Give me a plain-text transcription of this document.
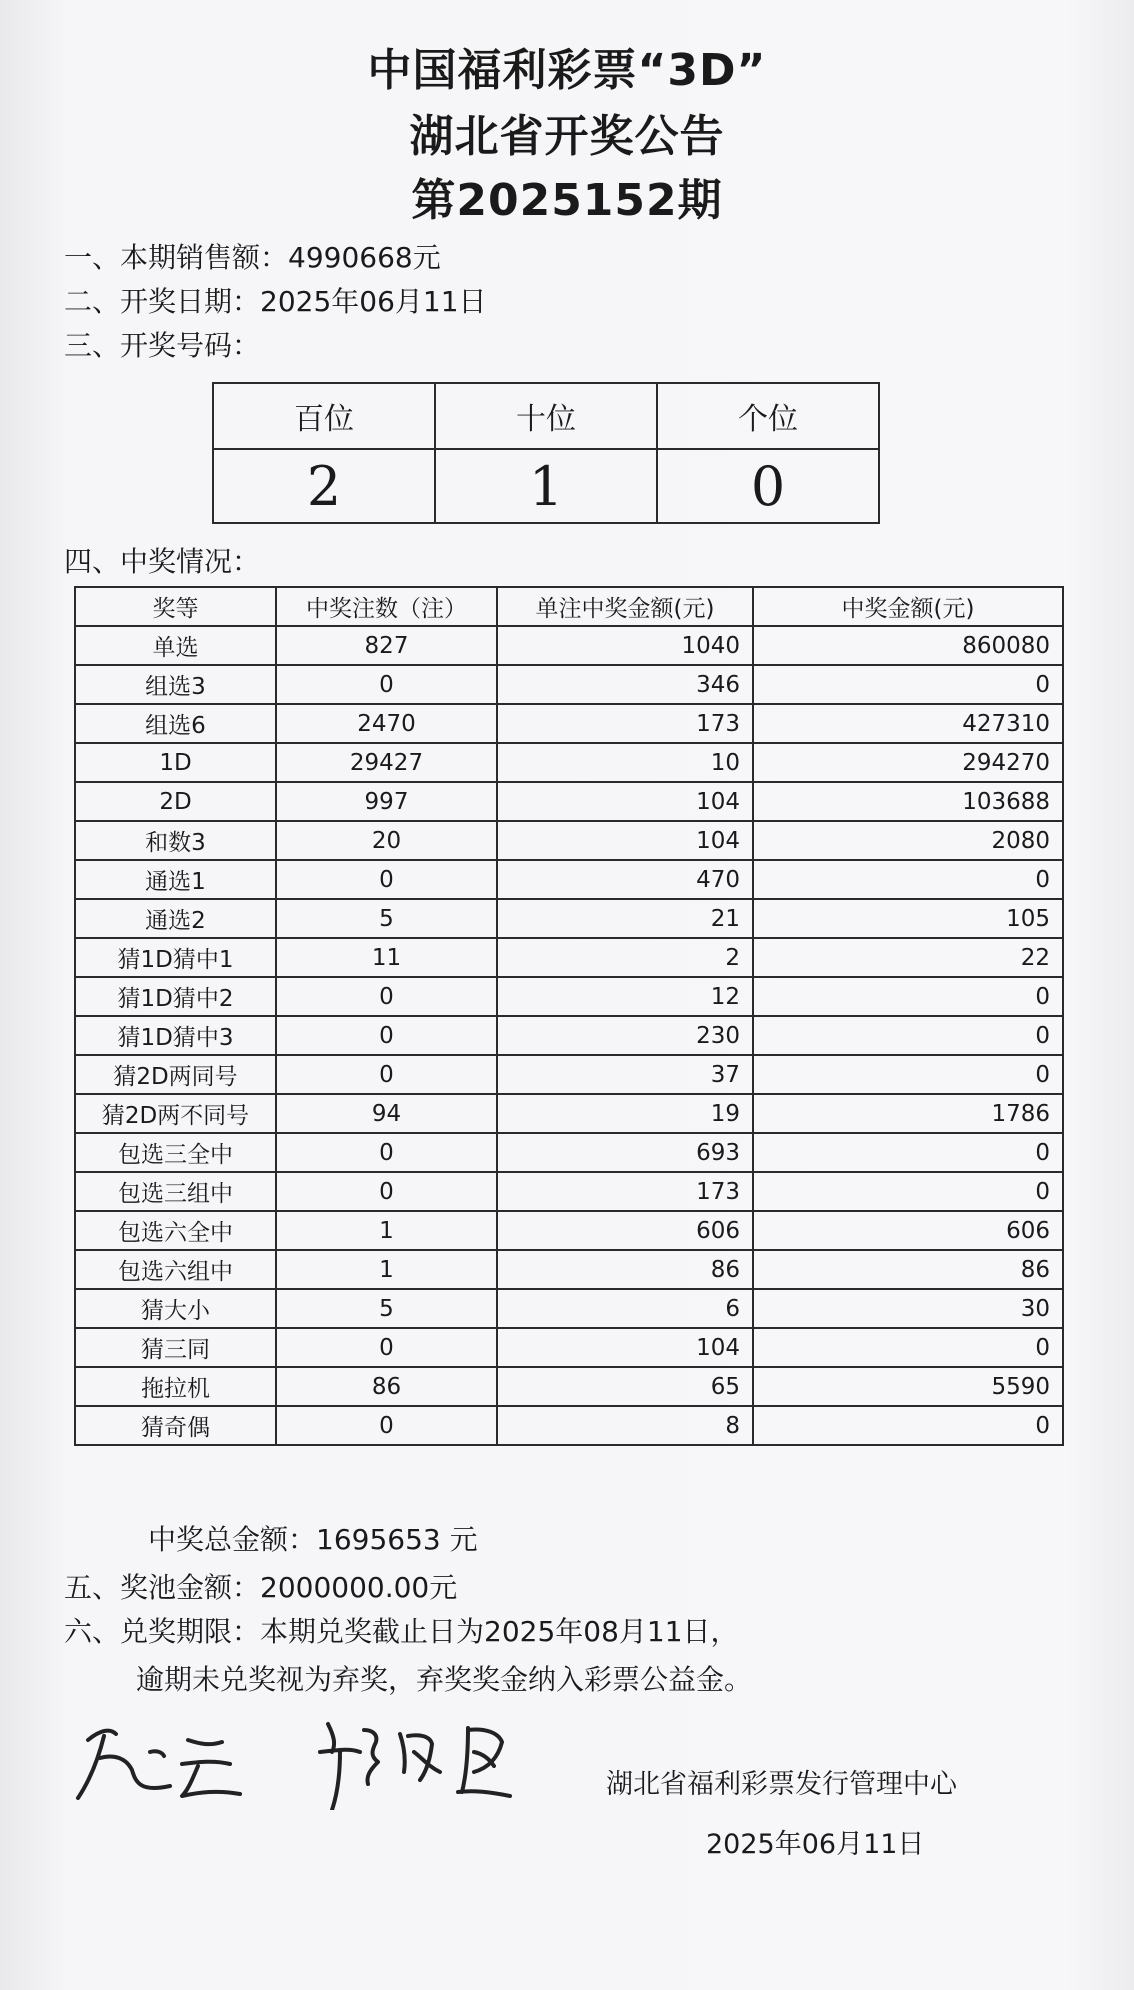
中国福利彩票“3D”
湖北省开奖公告
第2025152期
一、本期销售额：4990668元
二、开奖日期：2025年06月11日
三、开奖号码：
百位	十位	个位
2	1	0
四、中奖情况：
奖等	中奖注数（注）	单注中奖金额(元)	中奖金额(元)
单选	827	1040	860080
组选3	0	346	0
组选6	2470	173	427310
1D	29427	10	294270
2D	997	104	103688
和数3	20	104	2080
通选1	0	470	0
通选2	5	21	105
猜1D猜中1	11	2	22
猜1D猜中2	0	12	0
猜1D猜中3	0	230	0
猜2D两同号	0	37	0
猜2D两不同号	94	19	1786
包选三全中	0	693	0
包选三组中	0	173	0
包选六全中	1	606	606
包选六组中	1	86	86
猜大小	5	6	30
猜三同	0	104	0
拖拉机	86	65	5590
猜奇偶	0	8	0
中奖总金额：1695653 元
五、奖池金额：2000000.00元
六、兑奖期限：本期兑奖截止日为2025年08月11日，
逾期未兑奖视为弃奖，弃奖奖金纳入彩票公益金。
湖北省福利彩票发行管理中心
2025年06月11日
